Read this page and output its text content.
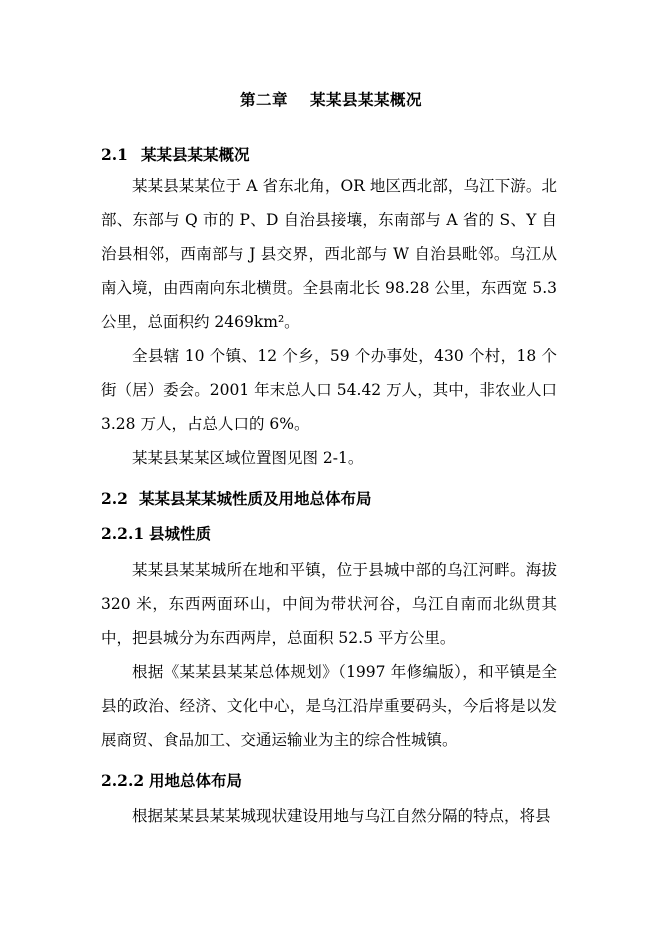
第二章 某某县某某概况
2.1 某某县某某概况

某某县某某位于 A 省东北角，OR 地区西北部，乌江下游。北部、东部与 Q 市的 P、D 自治县接壤，东南部与 A 省的 S、Y 自治县相邻，西南部与 J 县交界，西北部与 W 自治县毗邻。乌江从南入境，由西南向东北横贯。全县南北长 98.28 公里，东西宽 5.3 公里，总面积约 2469km²。

全县辖 10 个镇、12 个乡，59 个办事处，430 个村，18 个街（居）委会。2001 年末总人口 54.42 万人，其中，非农业人口 3.28 万人，占总人口的 6%。

某某县某某区域位置图见图 2-1。

2.2 某某县某某城性质及用地总体布局
2.2.1 县城性质

某某县某某城所在地和平镇，位于县城中部的乌江河畔。海拔 320 米，东西两面环山，中间为带状河谷，乌江自南而北纵贯其中，把县城分为东西两岸，总面积 52.5 平方公里。

根据《某某县某某总体规划》（1997 年修编版），和平镇是全县的政治、经济、文化中心，是乌江沿岸重要码头，今后将是以发展商贸、食品加工、交通运输业为主的综合性城镇。

2.2.2 用地总体布局

根据某某县某某城现状建设用地与乌江自然分隔的特点，将县
